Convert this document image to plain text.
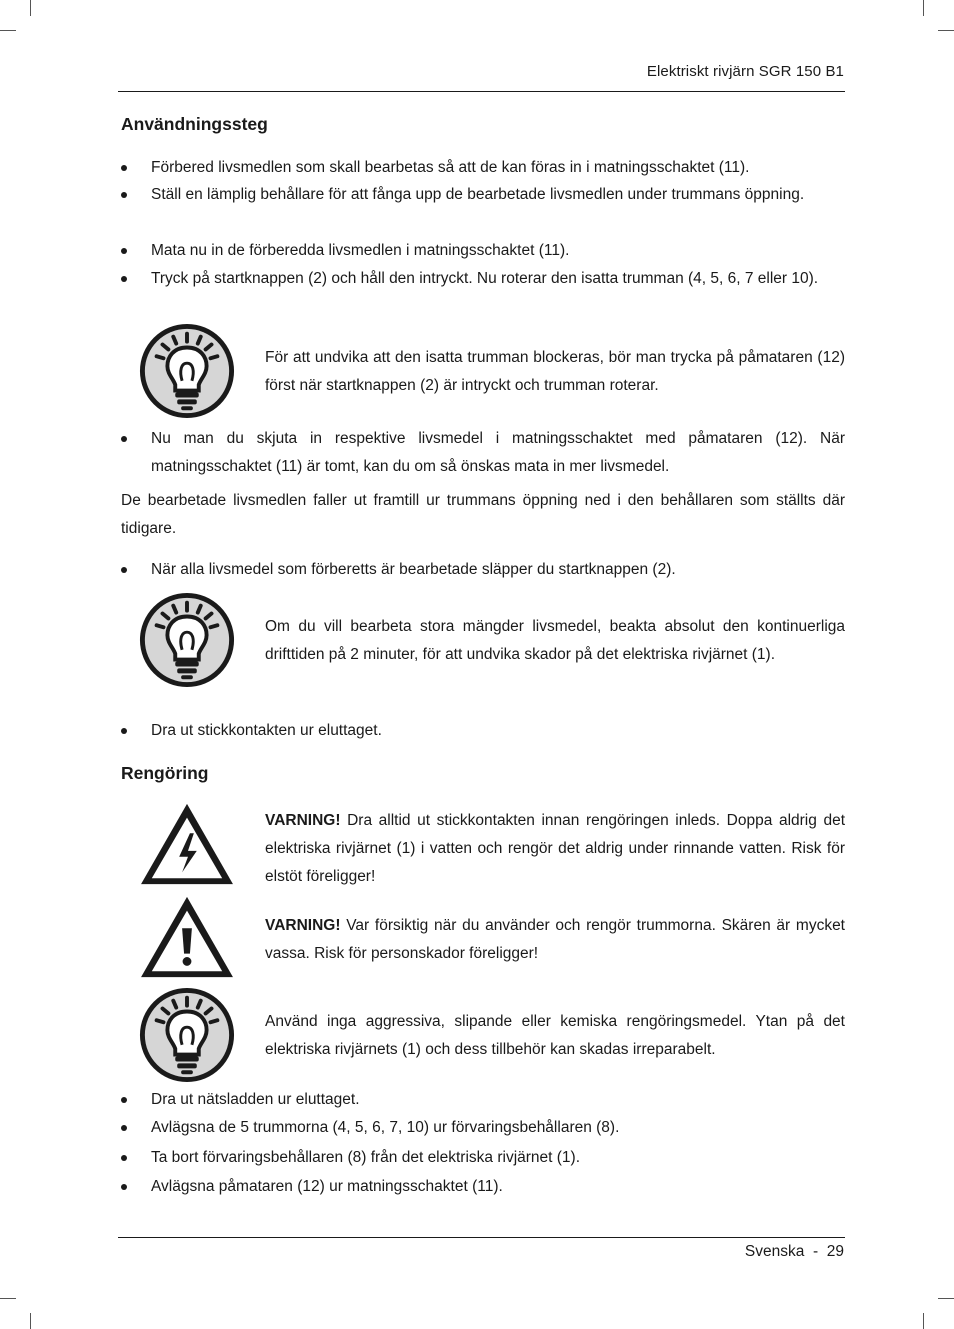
Elektriskt rivjärn SGR 150 B1
Användningssteg
Förbered livsmedlen som skall bearbetas så att de kan föras in i matningsschaktet (11).
Ställ en lämplig behållare för att fånga upp de bearbetade livsmedlen under trummans öppning.
Mata nu in de förberedda livsmedlen i matningsschaktet (11).
Tryck på startknappen (2) och håll den intryckt. Nu roterar den isatta trumman (4, 5, 6, 7 eller 10).
För att undvika att den isatta trumman blockeras, bör man trycka på påmataren (12) först när startknappen (2) är intryckt och trumman roterar.
Nu man du skjuta in respektive livsmedel i matningsschaktet med påmataren (12). När matningsschaktet (11) är tomt, kan du om så önskas mata in mer livsmedel.
De bearbetade livsmedlen faller ut framtill ur trummans öppning ned i den behållaren som ställts där tidigare.
När alla livsmedel som förberetts är bearbetade släpper du startknappen (2).
Om du vill bearbeta stora mängder livsmedel, beakta absolut den kontinuerliga drifttiden på 2 minuter, för att undvika skador på det elektriska rivjärnet (1).
Dra ut stickkontakten ur eluttaget.
Rengöring
VARNING! Dra alltid ut stickkontakten innan rengöringen inleds. Doppa aldrig det elektriska rivjärnet (1) i vatten och rengör det aldrig under rinnande vatten. Risk för elstöt föreligger!
VARNING! Var försiktig när du använder och rengör trummorna. Skären är mycket vassa. Risk för personskador föreligger!
Använd inga aggressiva, slipande eller kemiska rengöringsmedel. Ytan på det elektriska rivjärnets (1) och dess tillbehör kan skadas irreparabelt.
Dra ut nätsladden ur eluttaget.
Avlägsna de 5 trummorna (4, 5, 6, 7, 10) ur förvaringsbehållaren (8).
Ta bort förvaringsbehållaren (8) från det elektriska rivjärnet (1).
Avlägsna påmataren (12) ur matningsschaktet (11).
Svenska  -  29
